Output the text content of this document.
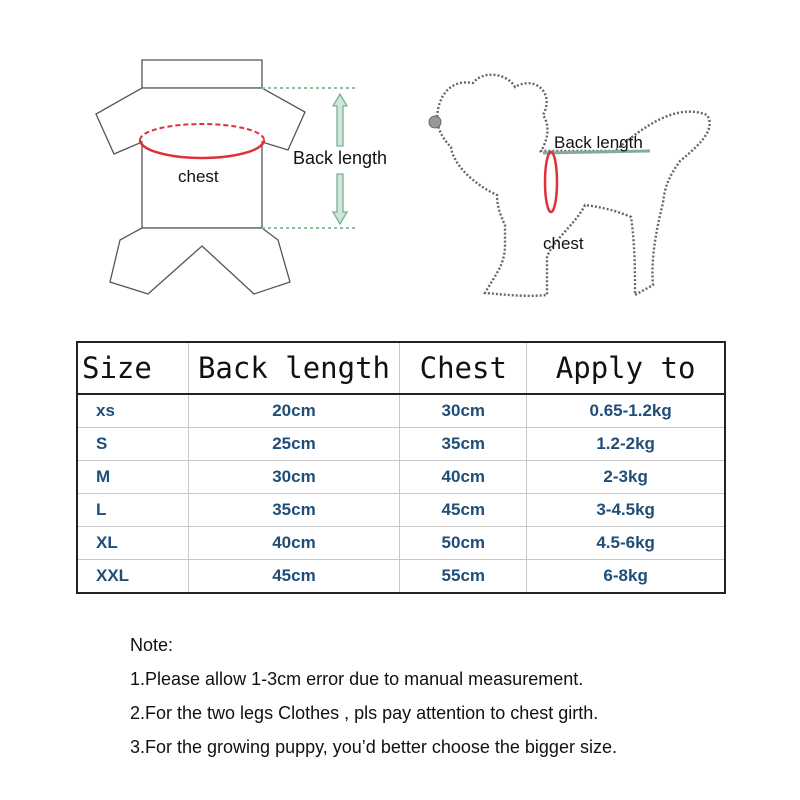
chest
Back length
Back length
chest
Size	Back length	Chest	Apply to
xs	20cm	30cm	0.65-1.2kg
S	25cm	35cm	1.2-2kg
M	30cm	40cm	2-3kg
L	35cm	45cm	3-4.5kg
XL	40cm	50cm	4.5-6kg
XXL	45cm	55cm	6-8kg
Note:
1.Please allow 1-3cm error due to manual measurement.
2.For the two legs Clothes , pls pay attention to chest girth.
3.For the growing puppy, you’d better choose the bigger size.
